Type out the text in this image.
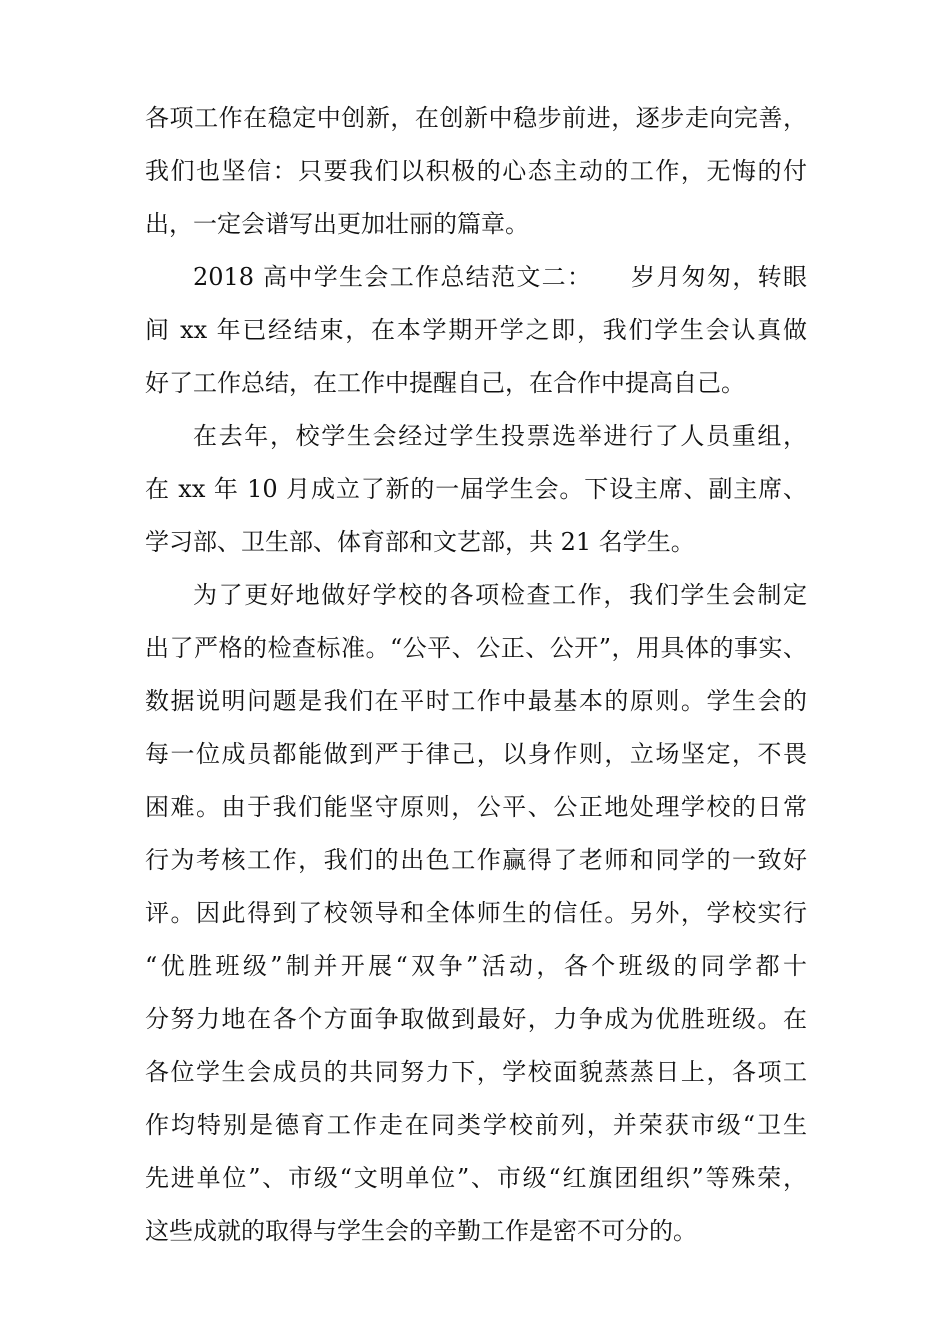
各项工作在稳定中创新，在创新中稳步前进，逐步走向完善，
我们也坚信：只要我们以积极的心态主动的工作，无悔的付
出，一定会谱写出更加壮丽的篇章。
2018 高中学生会工作总结范文二：　　岁月匆匆，转眼
间 xx 年已经结束，在本学期开学之即，我们学生会认真做
好了工作总结，在工作中提醒自己，在合作中提高自己。
在去年，校学生会经过学生投票选举进行了人员重组，
在 xx 年 10 月成立了新的一届学生会。下设主席、副主席、
学习部、卫生部、体育部和文艺部，共 21 名学生。
为了更好地做好学校的各项检查工作，我们学生会制定
出了严格的检查标准。“公平、公正、公开”，用具体的事实、
数据说明问题是我们在平时工作中最基本的原则。学生会的
每一位成员都能做到严于律己，以身作则，立场坚定，不畏
困难。由于我们能坚守原则，公平、公正地处理学校的日常
行为考核工作，我们的出色工作赢得了老师和同学的一致好
评。因此得到了校领导和全体师生的信任。另外，学校实行
“优胜班级”制并开展“双争”活动，各个班级的同学都十
分努力地在各个方面争取做到最好，力争成为优胜班级。在
各位学生会成员的共同努力下，学校面貌蒸蒸日上，各项工
作均特别是德育工作走在同类学校前列，并荣获市级“卫生
先进单位”、市级“文明单位”、市级“红旗团组织”等殊荣，
这些成就的取得与学生会的辛勤工作是密不可分的。
